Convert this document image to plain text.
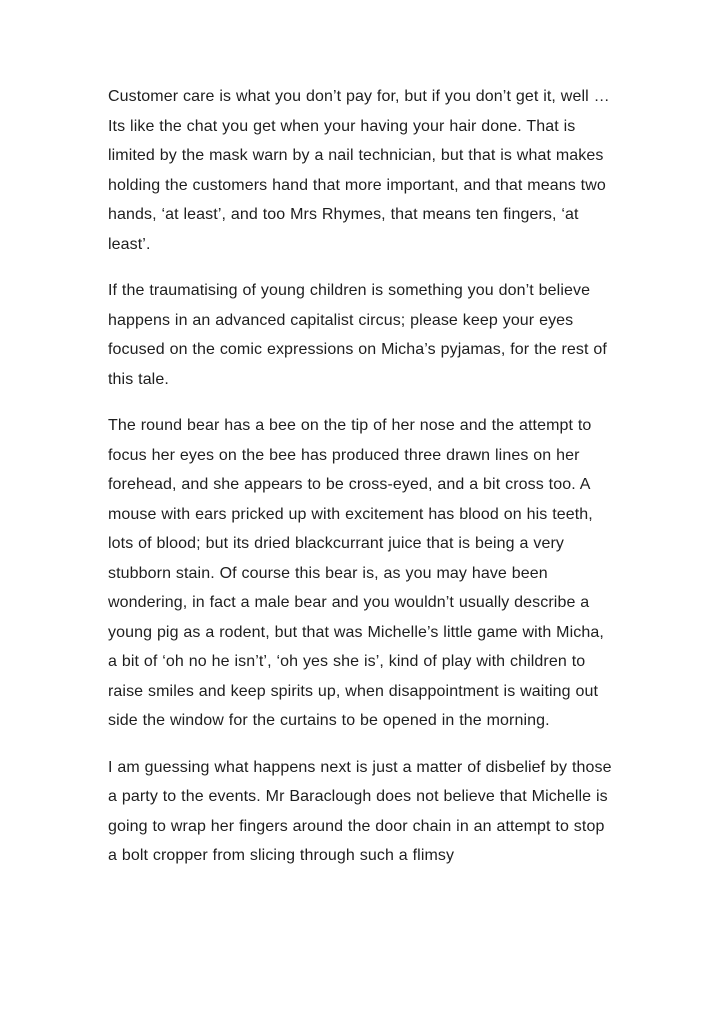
Customer care is what you don’t pay for, but if you don’t get it, well … Its like the chat you get when your having your hair done. That is limited by the mask warn by a nail technician, but that is what makes holding the customers hand that more important, and that means two hands, ‘at least’, and too Mrs Rhymes, that means ten fingers, ‘at least’.

If the traumatising of young children is something you don’t believe happens in an advanced capitalist circus; please keep your eyes focused on the comic expressions on Micha’s pyjamas, for the rest of this tale.

The round bear has a bee on the tip of her nose and the attempt to focus her eyes on the bee has produced three drawn lines on her forehead, and she appears to be cross-eyed, and a bit cross too. A mouse with ears pricked up with excitement has blood on his teeth, lots of blood; but its dried blackcurrant juice that is being a very stubborn stain. Of course this bear is, as you may have been wondering, in fact a male bear and you wouldn’t usually describe a young pig as a rodent, but that was Michelle’s little game with Micha, a bit of ‘oh no he isn’t’, ‘oh yes she is’, kind of play with children to raise smiles and keep spirits up, when disappointment is waiting out side the window for the curtains to be opened in the morning.

I am guessing what happens next is just a matter of disbelief by those a party to the events. Mr Baraclough does not believe that Michelle is going to wrap her fingers around the door chain in an attempt to stop a bolt cropper from slicing through such a flimsy
